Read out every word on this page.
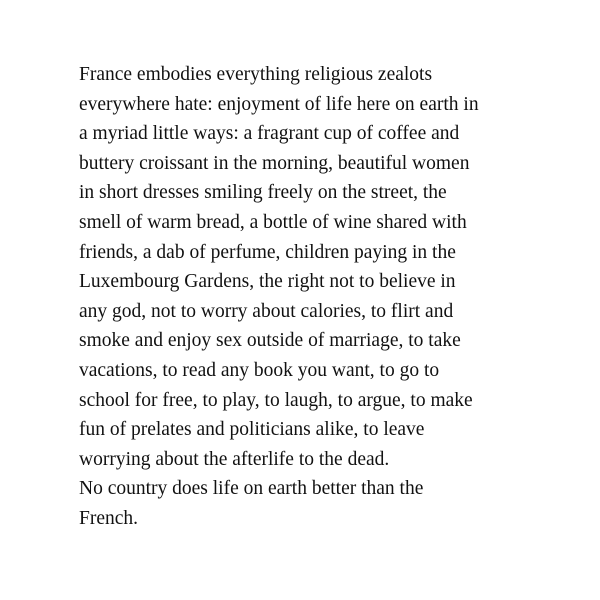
France embodies everything religious zealots
everywhere hate: enjoyment of life here on earth in
a myriad little ways: a fragrant cup of coffee and
buttery croissant in the morning, beautiful women
in short dresses smiling freely on the street, the
smell of warm bread, a bottle of wine shared with
friends, a dab of perfume, children paying in the
Luxembourg Gardens, the right not to believe in
any god, not to worry about calories, to flirt and
smoke and enjoy sex outside of marriage, to take
vacations, to read any book you want, to go to
school for free, to play, to laugh, to argue, to make
fun of prelates and politicians alike, to leave
worrying about the afterlife to the dead.
No country does life on earth better than the
French.
